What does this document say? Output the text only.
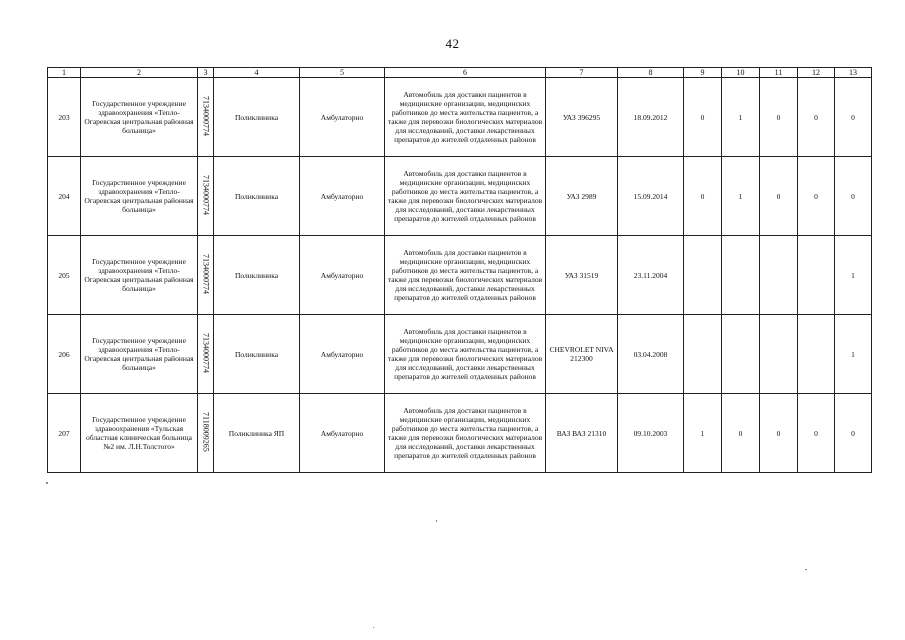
42
1	2	3	4	5	6	7	8	9	10	11	12	13
203	Государственное учреждение здравоохранения «Тепло-Огаревская центральная районная больница»	7134000774	Поликлиника	Амбулаторно	Автомобиль для доставки пациентов в медицинские организации, медицинских работников до места жительства пациентов, а также для перевозки биологических материалов для исследований, доставки лекарственных препаратов до жителей отдаленных районов	УАЗ 396295	18.09.2012	0	1	0	0	0
204	Государственное учреждение здравоохранения «Тепло-Огаревская центральная районная больница»	7134000774	Поликлиника	Амбулаторно	Автомобиль для доставки пациентов в медицинские организации, медицинских работников до места жительства пациентов, а также для перевозки биологических материалов для исследований, доставки лекарственных препаратов до жителей отдаленных районов	УАЗ 2989	15.09.2014	0	1	0	0	0
205	Государственное учреждение здравоохранения «Тепло-Огаревская центральная районная больница»	7134000774	Поликлиника	Амбулаторно	Автомобиль для доставки пациентов в медицинские организации, медицинских работников до места жительства пациентов, а также для перевозки биологических материалов для исследований, доставки лекарственных препаратов до жителей отдаленных районов	УАЗ 31519	23.11.2004					1
206	Государственное учреждение здравоохранения «Тепло-Огаревская центральная районная больница»	7134000774	Поликлиника	Амбулаторно	Автомобиль для доставки пациентов в медицинские организации, медицинских работников до места жительства пациентов, а также для перевозки биологических материалов для исследований, доставки лекарственных препаратов до жителей отдаленных районов	CHEVROLET NIVA 212300	03.04.2008					1
207	Государственное учреждение здравоохранения «Тульская областная клиническая больница №2 им. Л.Н.Толстого»	7118009265	Поликлиника ЯП	Амбулаторно	Автомобиль для доставки пациентов в медицинские организации, медицинских работников до места жительства пациентов, а также для перевозки биологических материалов для исследований, доставки лекарственных препаратов до жителей отдаленных районов	ВАЗ ВАЗ 21310	09.10.2003	1	0	0	0	0
